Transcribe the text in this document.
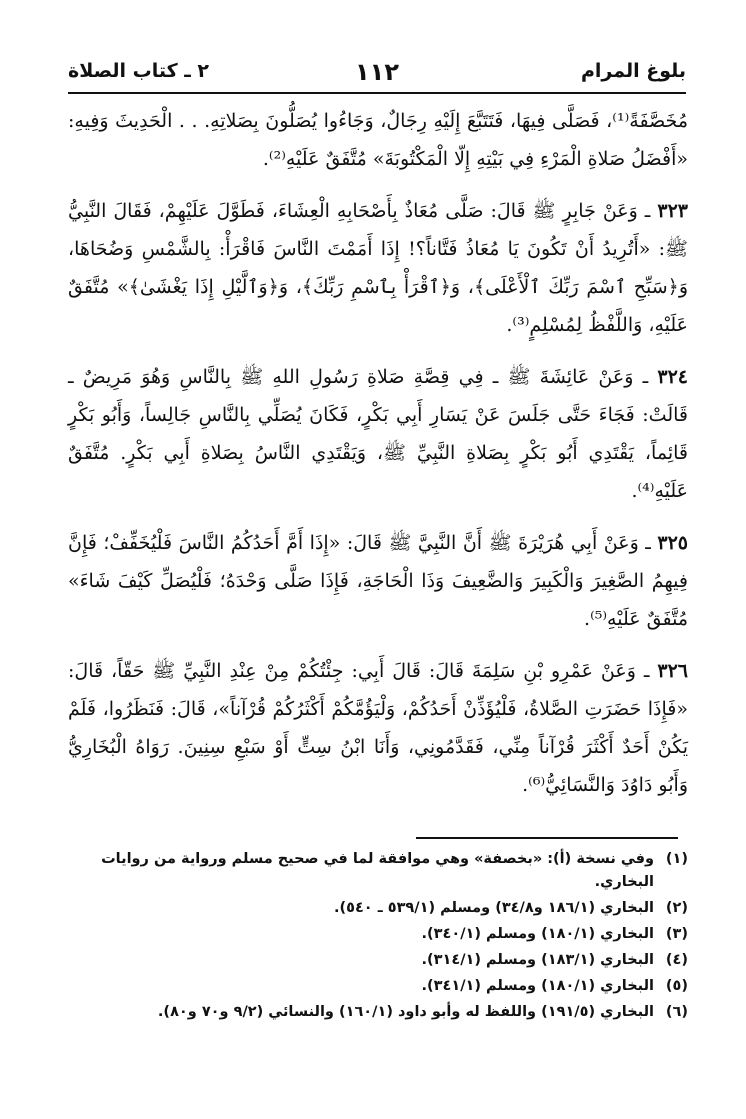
بلوغ المرام
١١٢
٢ ـ كتاب الصلاة

مُخَصَّفَةً⁽¹⁾، فَصَلَّى فِيهَا، فَتَتَبَّعَ إِلَيْهِ رِجَالٌ، وَجَاءُوا يُصَلُّونَ بِصَلاتِهِ. . . الْحَدِيثَ وَفِيهِ: «أَفْضَلُ صَلاةِ الْمَرْءِ فِي بَيْتِهِ إِلّا الْمَكْتُوبَةَ» مُتَّفَقٌ عَلَيْهِ⁽²⁾.

٣٢٣ ـ وَعَنْ جَابِرٍ ﷺ قَالَ: صَلَّى مُعَاذٌ بِأَصْحَابِهِ الْعِشَاءَ، فَطَوَّلَ عَلَيْهِمْ، فَقَالَ النَّبِيُّ ﷺ: «أَتُرِيدُ أَنْ تَكُونَ يَا مُعَاذُ فَتَّاناً؟! إِذَا أَمَمْتَ النَّاسَ فَاقْرَأْ: بِالشَّمْسِ وَضُحَاهَا، وَ﴿سَبِّحِ ٱسْمَ رَبِّكَ ٱلْأَعْلَى﴾، وَ﴿ٱقْرَأْ بِٱسْمِ رَبِّكَ﴾، وَ﴿وَٱلَّيْلِ إِذَا يَغْشَىٰ﴾» مُتَّفَقٌ عَلَيْهِ، وَاللَّفْظُ لِمُسْلِمٍ⁽³⁾.

٣٢٤ ـ وَعَنْ عَائِشَةَ ﷺ ـ فِي قِصَّةِ صَلاةِ رَسُولِ اللهِ ﷺ بِالنَّاسِ وَهُوَ مَرِيضٌ ـ قَالَتْ: فَجَاءَ حَتَّى جَلَسَ عَنْ يَسَارِ أَبِي بَكْرٍ، فَكَانَ يُصَلِّي بِالنَّاسِ جَالِساً، وَأَبُو بَكْرٍ قَائِماً، يَقْتَدِي أَبُو بَكْرٍ بِصَلاةِ النَّبِيِّ ﷺ، وَيَقْتَدِي النَّاسُ بِصَلاةِ أَبِي بَكْرٍ. مُتَّفَقٌ عَلَيْهِ⁽⁴⁾.

٣٢٥ ـ وَعَنْ أَبِي هُرَيْرَةَ ﷺ أَنَّ النَّبِيَّ ﷺ قَالَ: «إِذَا أَمَّ أَحَدُكُمُ النَّاسَ فَلْيُخَفِّفْ؛ فَإِنَّ فِيهِمُ الصَّغِيرَ وَالْكَبِيرَ وَالضَّعِيفَ وَذَا الْحَاجَةِ، فَإِذَا صَلَّى وَحْدَهُ؛ فَلْيُصَلِّ كَيْفَ شَاءَ» مُتَّفَقٌ عَلَيْهِ⁽⁵⁾.

٣٢٦ ـ وَعَنْ عَمْرِو بْنِ سَلِمَةَ قَالَ: قَالَ أَبِي: جِئْتُكُمْ مِنْ عِنْدِ النَّبِيِّ ﷺ حَقّاً، قَالَ: «فَإِذَا حَضَرَتِ الصَّلاةُ، فَلْيُؤَذِّنْ أَحَدُكُمْ، وَلْيَؤُمَّكُمْ أَكْثَرُكُمْ قُرْآناً»، قَالَ: فَنَظَرُوا، فَلَمْ يَكُنْ أَحَدٌ أَكْثَرَ قُرْآناً مِنِّي، فَقَدَّمُونِي، وَأَنَا ابْنُ سِتٍّ أَوْ سَبْعِ سِنِينَ. رَوَاهُ الْبُخَارِيُّ وَأَبُو دَاوُدَ وَالنَّسَائِيُّ⁽⁶⁾.

(١)
وفي نسخة (أ): «بخصفة» وهي موافقة لما في صحيح مسلم ورواية من روايات البخاري.
(٢)
البخاري (١٨٦/١ و٣٤/٨) ومسلم (٥٣٩/١ ـ ٥٤٠).
(٣)
البخاري (١٨٠/١) ومسلم (٣٤٠/١).
(٤)
البخاري (١٨٣/١) ومسلم (٣١٤/١).
(٥)
البخاري (١٨٠/١) ومسلم (٣٤١/١).
(٦)
البخاري (١٩١/٥) واللفظ له وأبو داود (١٦٠/١) والنسائي (٩/٢ و٧٠ و٨٠).
